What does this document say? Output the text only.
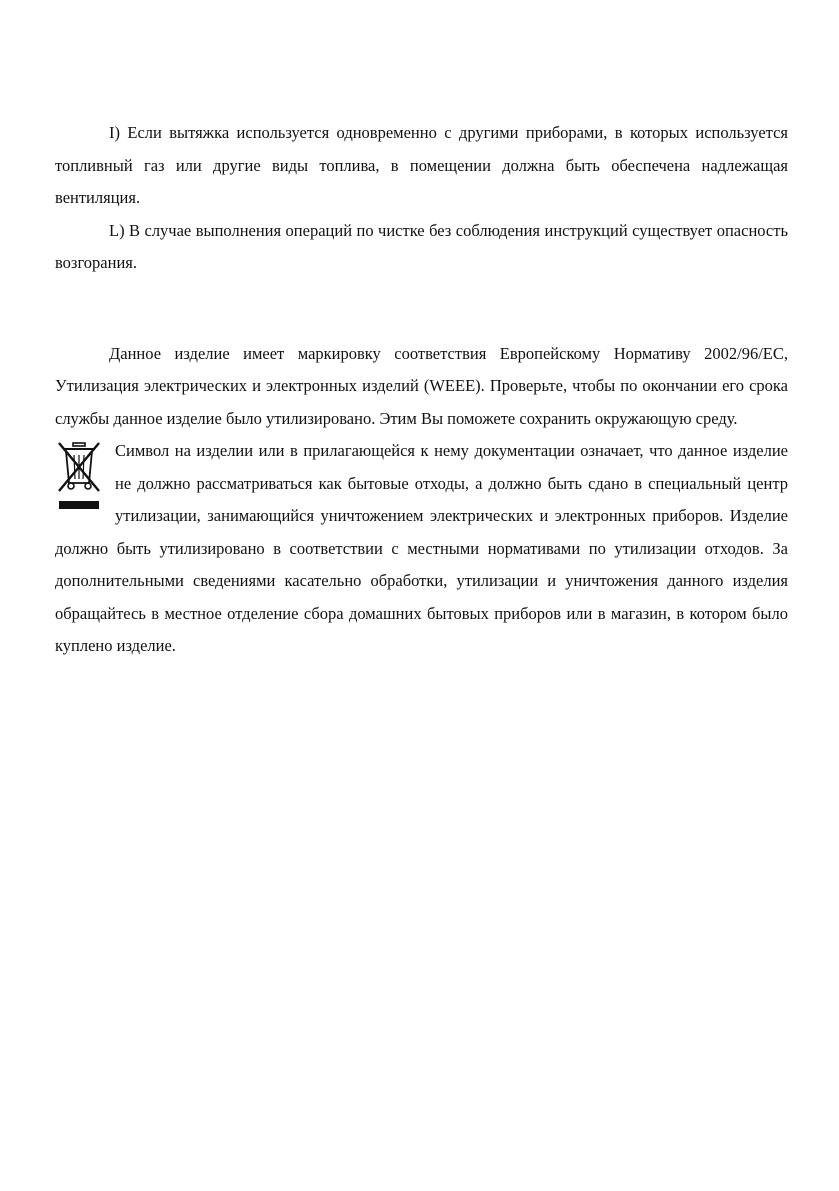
I) Если вытяжка используется одновременно с другими приборами, в которых используется топливный газ или другие виды топлива, в помещении должна быть обеспечена надлежащая вентиляция.

L) В случае выполнения операций по чистке без соблюдения инструкций существует опасность возгорания.

Данное изделие имеет маркировку соответствия Европейскому Нормативу 2002/96/EC, Утилизация электрических и электронных изделий (WEEE). Проверьте, чтобы по окончании его срока службы данное изделие было утилизировано. Этим Вы поможете сохранить окружающую среду.

Символ на изделии или в прилагающейся к нему документации означает, что данное изделие не должно рассматриваться как бытовые отходы, а должно быть сдано в специальный центр утилизации, занимающийся уничтожением электрических и электронных приборов. Изделие должно быть утилизировано в соответствии с местными нормативами по утилизации отходов. За дополнительными сведениями касательно обработки, утилизации и уничтожения данного изделия обращайтесь в местное отделение сбора домашних бытовых приборов или в магазин, в котором было куплено изделие.
